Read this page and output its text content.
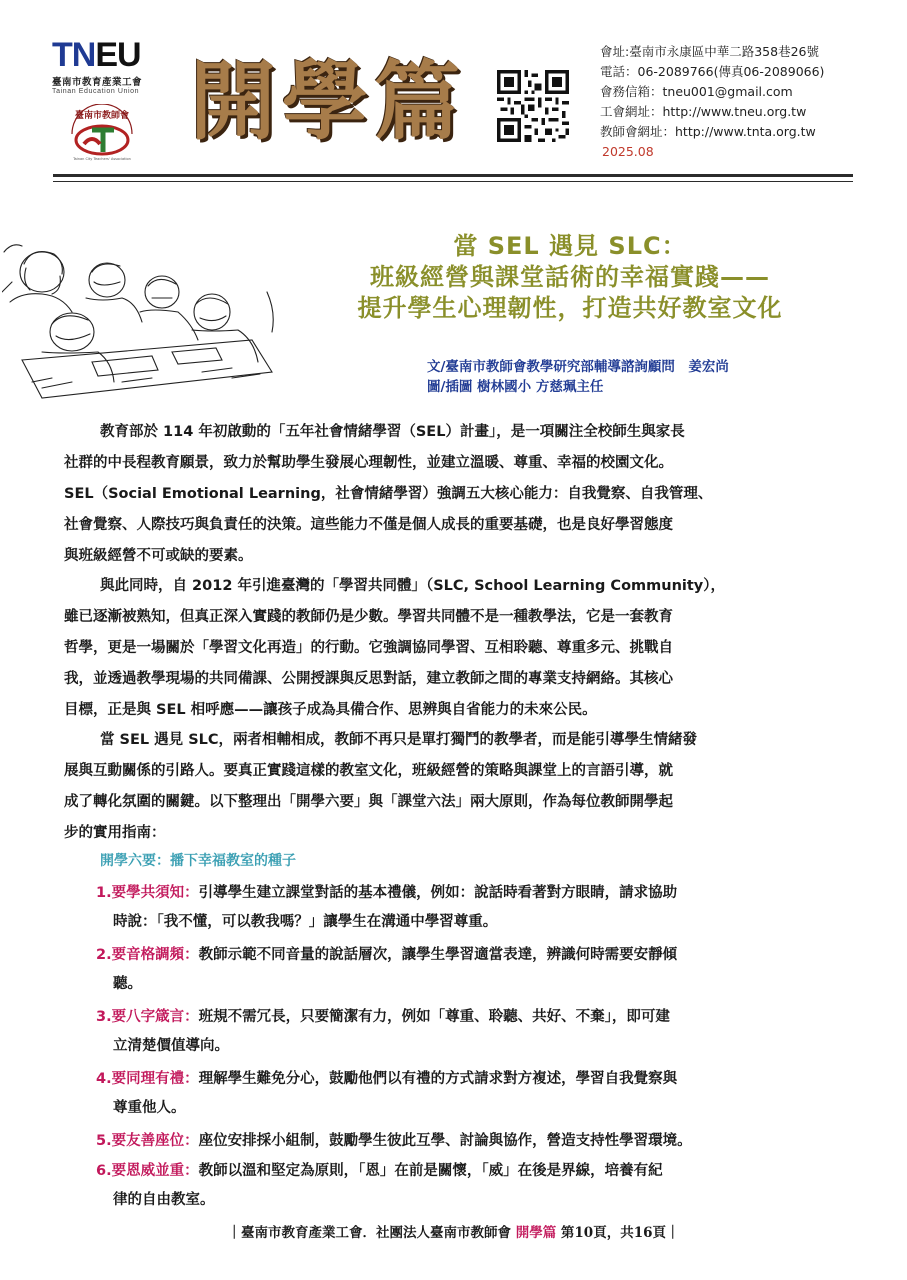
TNEU
臺南市教育產業工會
Tainan Education Union
臺南市教師會
Tainan City Teachers' Association
開學篇	會址:臺南市永康區中華二路358巷26號
電話：06-2089766(傳真06-2089066)
會務信箱：tneu001@gmail.com
工會網址：http://www.tneu.org.tw
教師會網址：http://www.tnta.org.tw
2025.08
當 SEL 遇見 SLC：
班級經營與課堂話術的幸福實踐——
提升學生心理韌性，打造共好教室文化
文/臺南市教師會教學研究部輔導諮詢顧問　姜宏尚
圖/插圖 樹林國小 方慈珮主任
教育部於 114 年初啟動的「五年社會情緒學習（SEL）計畫」，是一項關注全校師生與家長
社群的中長程教育願景，致力於幫助學生發展心理韌性，並建立溫暖、尊重、幸福的校園文化。
SEL（Social Emotional Learning，社會情緒學習）強調五大核心能力：自我覺察、自我管理、
社會覺察、人際技巧與負責任的決策。這些能力不僅是個人成長的重要基礎，也是良好學習態度
與班級經營不可或缺的要素。
與此同時，自 2012 年引進臺灣的「學習共同體」（SLC, School Learning Community），
雖已逐漸被熟知，但真正深入實踐的教師仍是少數。學習共同體不是一種教學法，它是一套教育
哲學，更是一場關於「學習文化再造」的行動。它強調協同學習、互相聆聽、尊重多元、挑戰自
我，並透過教學現場的共同備課、公開授課與反思對話，建立教師之間的專業支持網絡。其核心
目標，正是與 SEL 相呼應——讓孩子成為具備合作、思辨與自省能力的未來公民。
當 SEL 遇見 SLC，兩者相輔相成，教師不再只是單打獨鬥的教學者，而是能引導學生情緒發
展與互動關係的引路人。要真正實踐這樣的教室文化，班級經營的策略與課堂上的言語引導，就
成了轉化氛圍的關鍵。以下整理出「開學六要」與「課堂六法」兩大原則，作為每位教師開學起
步的實用指南：
開學六要：播下幸福教室的種子
1.要學共須知：引導學生建立課堂對話的基本禮儀，例如：說話時看著對方眼睛，請求協助
時說：「我不懂，可以教我嗎？」讓學生在溝通中學習尊重。
2.要音格調頻：教師示範不同音量的說話層次，讓學生學習適當表達，辨識何時需要安靜傾
聽。
3.要八字箴言：班規不需冗長，只要簡潔有力，例如「尊重、聆聽、共好、不棄」，即可建
立清楚價值導向。
4.要同理有禮：理解學生難免分心，鼓勵他們以有禮的方式請求對方複述，學習自我覺察與
尊重他人。
5.要友善座位：座位安排採小組制，鼓勵學生彼此互學、討論與協作，營造支持性學習環境。
6.要恩威並重：教師以溫和堅定為原則，「恩」在前是關懷，「威」在後是界線，培養有紀
律的自由教室。
｜臺南市教育產業工會．社團法人臺南市教師會 開學篇 第10頁，共16頁｜
